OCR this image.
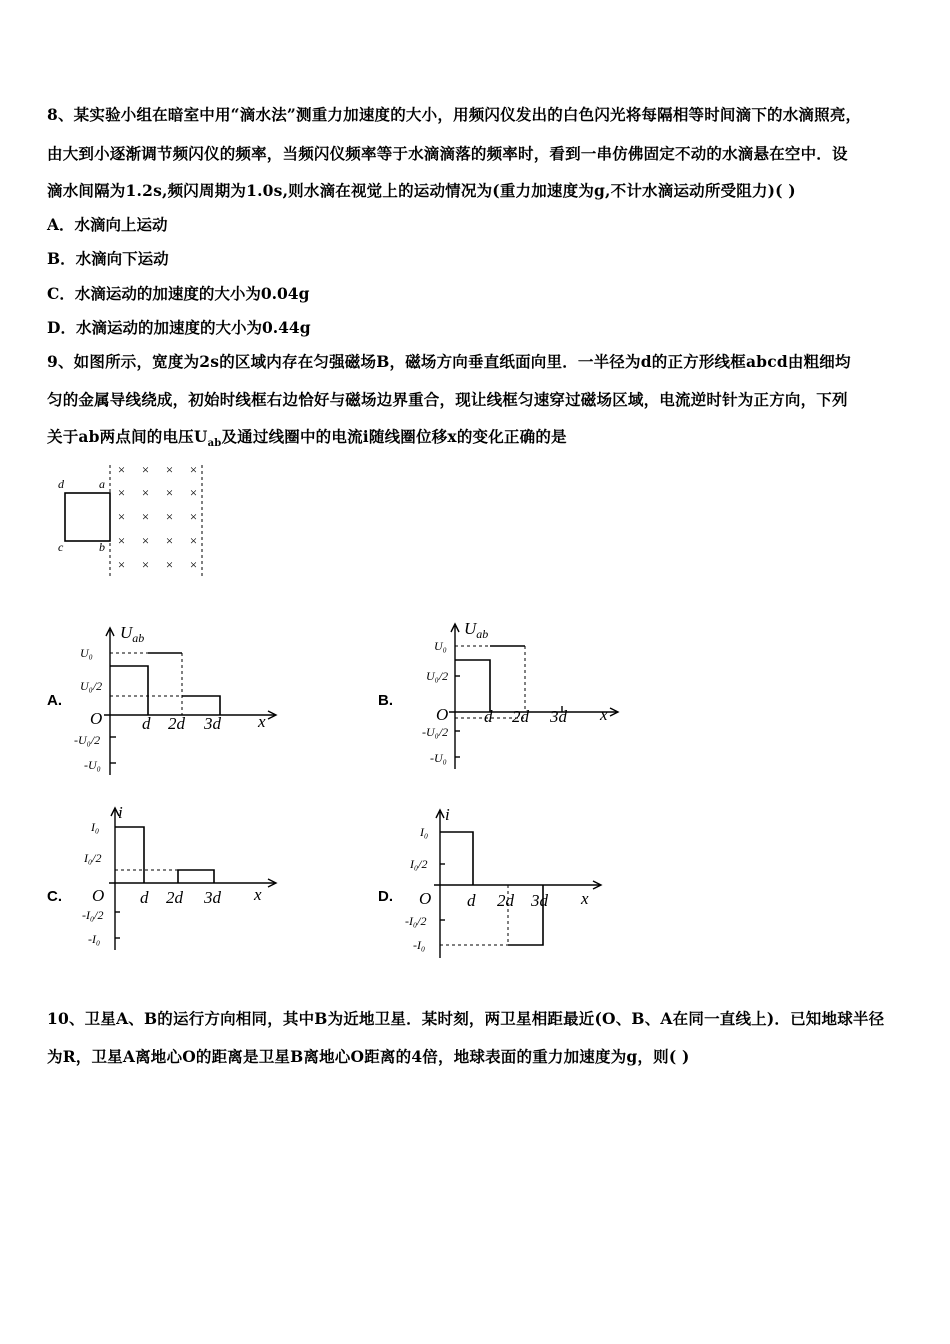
8、某实验小组在暗室中用“滴水法”测重力加速度的大小，用频闪仪发出的白色闪光将每隔相等时间滴下的水滴照亮，
由大到小逐渐调节频闪仪的频率，当频闪仪频率等于水滴滴落的频率时，看到一串仿佛固定不动的水滴悬在空中．设
滴水间隔为1.2s,频闪周期为1.0s,则水滴在视觉上的运动情况为(重力加速度为g,不计水滴运动所受阻力)( )
A．水滴向上运动
B．水滴向下运动
C．水滴运动的加速度的大小为0.04g
D．水滴运动的加速度的大小为0.44g
9、如图所示，宽度为2s的区域内存在匀强磁场B，磁场方向垂直纸面向里．一半径为d的正方形线框abcd由粗细均
匀的金属导线绕成，初始时线框右边恰好与磁场边界重合，现让线框匀速穿过磁场区域，电流逆时针为正方向，下列
关于ab两点间的电压$U_{ab}$及通过线圈中的电流i随线圈位移x的变化正确的是
d	a
c	b
× × × ×
× × × ×
× × × ×
× × × ×
× × × ×
A.	B.
C.	D.
$U_{ab}$
O	x
d 2d 3d
U₀
U₀/2
-U₀/2
-U₀
$U_{ab}$
O	x
d 2d 3d
U₀
U₀/2
-U₀/2
-U₀
i
O	x
d 2d 3d
I₀
I₀/2
-I₀/2
-I₀
i
O	x
d 2d 3d
I₀
I₀/2
-I₀/2
-I₀
10、卫星A、B的运行方向相同，其中B为近地卫星．某时刻，两卫星相距最近(O、B、A在同一直线上)．已知地球半径
为R，卫星A离地心O的距离是卫星B离地心O距离的4倍，地球表面的重力加速度为g，则( )
